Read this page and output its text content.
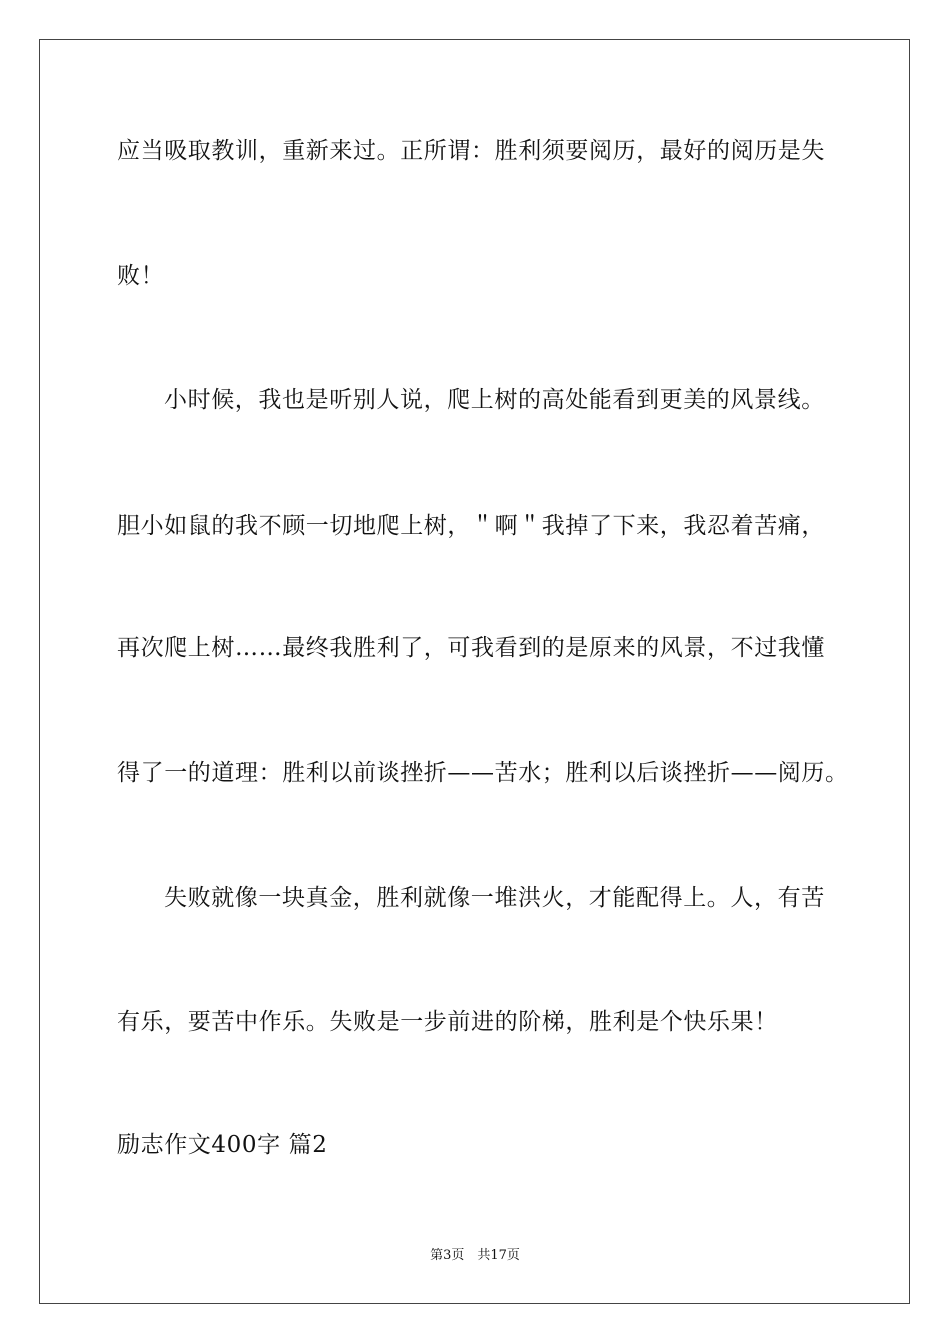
应当吸取教训，重新来过。正所谓：胜利须要阅历，最好的阅历是失

败！

小时候，我也是听别人说，爬上树的高处能看到更美的风景线。

胆小如鼠的我不顾一切地爬上树，＂啊＂我掉了下来，我忍着苦痛，

再次爬上树……最终我胜利了，可我看到的是原来的风景，不过我懂

得了一的道理：胜利以前谈挫折——苦水；胜利以后谈挫折——阅历。

失败就像一块真金，胜利就像一堆洪火，才能配得上。人，有苦

有乐，要苦中作乐。失败是一步前进的阶梯，胜利是个快乐果！

励志作文400字 篇2

第3页　共17页
